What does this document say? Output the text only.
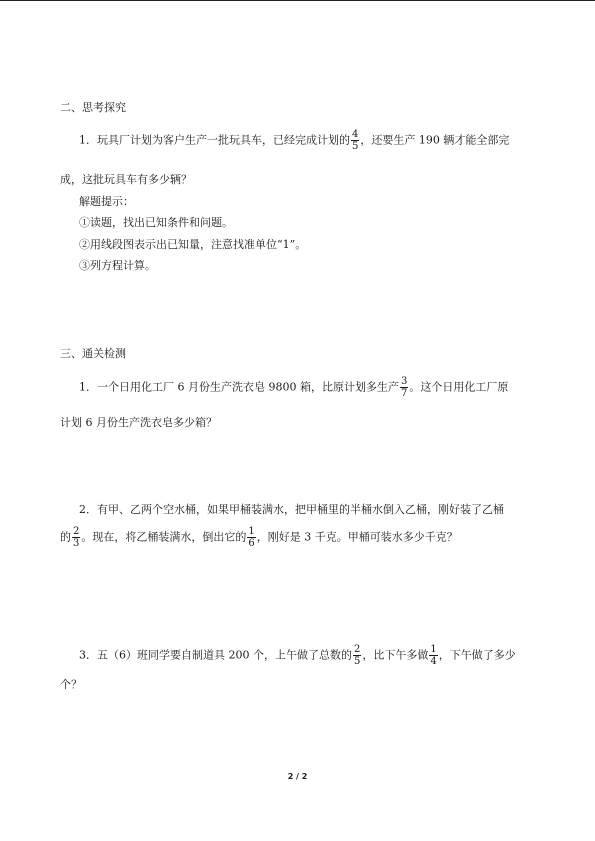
二、思考探究
1．玩具厂计划为客户生产一批玩具车，已经完成计划的 $\frac{4}{5}$ ，还要生产 190 辆才能全部完
成，这批玩具车有多少辆？
解题提示：
①读题，找出已知条件和问题。
②用线段图表示出已知量，注意找准单位“1”。
③列方程计算。
三、通关检测
1．一个日用化工厂 6 月份生产洗衣皂 9800 箱，比原计划多生产 $\frac{3}{7}$ 。这个日用化工厂原
计划 6 月份生产洗衣皂多少箱？
2．有甲、乙两个空水桶，如果甲桶装满水，把甲桶里的半桶水倒入乙桶，刚好装了乙桶
的 $\frac{2}{3}$ 。现在，将乙桶装满水，倒出它的 $\frac{1}{6}$ ，刚好是 3 千克。甲桶可装水多少千克？
3．五（6）班同学要自制道具 200 个，上午做了总数的 $\frac{2}{5}$ ，比下午多做 $\frac{1}{4}$ ，下午做了多少
个？
2 / 2
